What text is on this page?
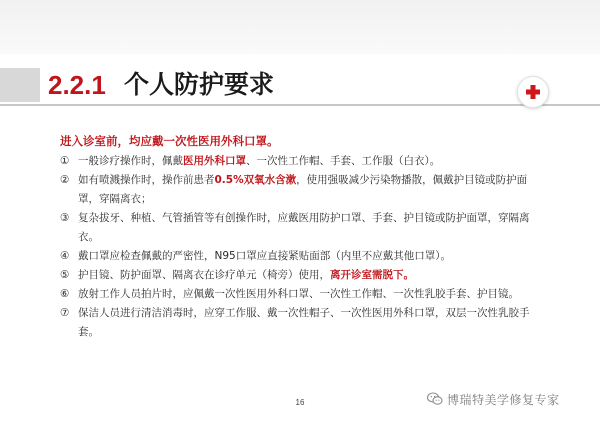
2.2.1 个人防护要求
进入诊室前，均应戴一次性医用外科口罩。
① 一般诊疗操作时，佩戴医用外科口罩、一次性工作帽、手套、工作服（白衣）。
② 如有喷溅操作时，操作前患者0.5%双氧水含漱，使用强吸减少污染物播散，佩戴护目镜或防护面罩，穿隔离衣；
③ 复杂拔牙、种植、气管插管等有创操作时，应戴医用防护口罩、手套、护目镜或防护面罩，穿隔离衣。
④ 戴口罩应检查佩戴的严密性，N95口罩应直接紧贴面部（内里不应戴其他口罩）。
⑤ 护目镜、防护面罩、隔离衣在诊疗单元（椅旁）使用，离开诊室需脱下。
⑥ 放射工作人员拍片时，应佩戴一次性医用外科口罩、一次性工作帽、一次性乳胶手套、护目镜。
⑦ 保洁人员进行清洁消毒时，应穿工作服、戴一次性帽子、一次性医用外科口罩，双层一次性乳胶手套。
16	博瑞特美学修复专家
